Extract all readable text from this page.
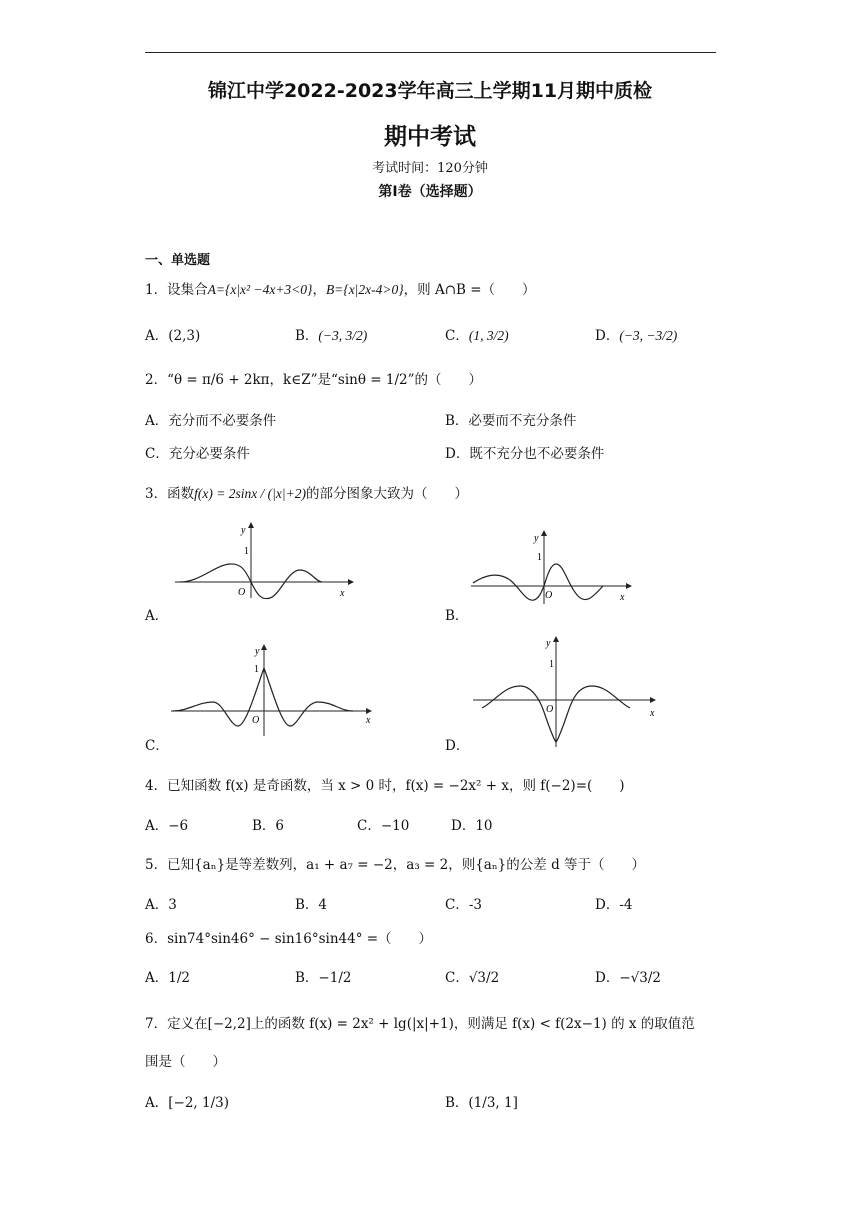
锦江中学2022-2023学年高三上学期11月期中质检
期中考试
考试时间：120分钟
第I卷（选择题）
一、单选题
1．设集合A={x|x² −4x+3<0}，B={x|2x-4>0}，则 A∩B =（　　）
A．(2,3)	B．(−3, 3/2)	C．(1, 3/2)	D．(−3, −3/2)
2．“θ = π/6 + 2kπ，k∈Z”是“sinθ = 1/2”的（　　）
A．充分而不必要条件	B．必要而不充分条件
C．充分必要条件	D．既不充分也不必要条件
3．函数f(x) = 2sinx / (|x|+2)的部分图象大致为（　　）
y
1
O	x
A．
y
1
O	x
B．
y
1
O	x
C．
y
1
O	x
D．
4．已知函数 f(x) 是奇函数，当 x > 0 时，f(x) = −2x² + x，则 f(−2)=(　　)
A．−6	B．6	C．−10	D．10
5．已知{aₙ}是等差数列，a₁ + a₇ = −2，a₃ = 2，则{aₙ}的公差 d 等于（　　）
A．3	B．4	C．-3	D．-4
6．sin74°sin46° − sin16°sin44° =（　　）
A．1/2	B．−1/2	C．√3/2	D．−√3/2
7．定义在[−2,2]上的函数 f(x) = 2x² + lg(|x|+1)，则满足 f(x) < f(2x−1) 的 x 的取值范
围是（　　）
A．[−2, 1/3)	B．(1/3, 1]
